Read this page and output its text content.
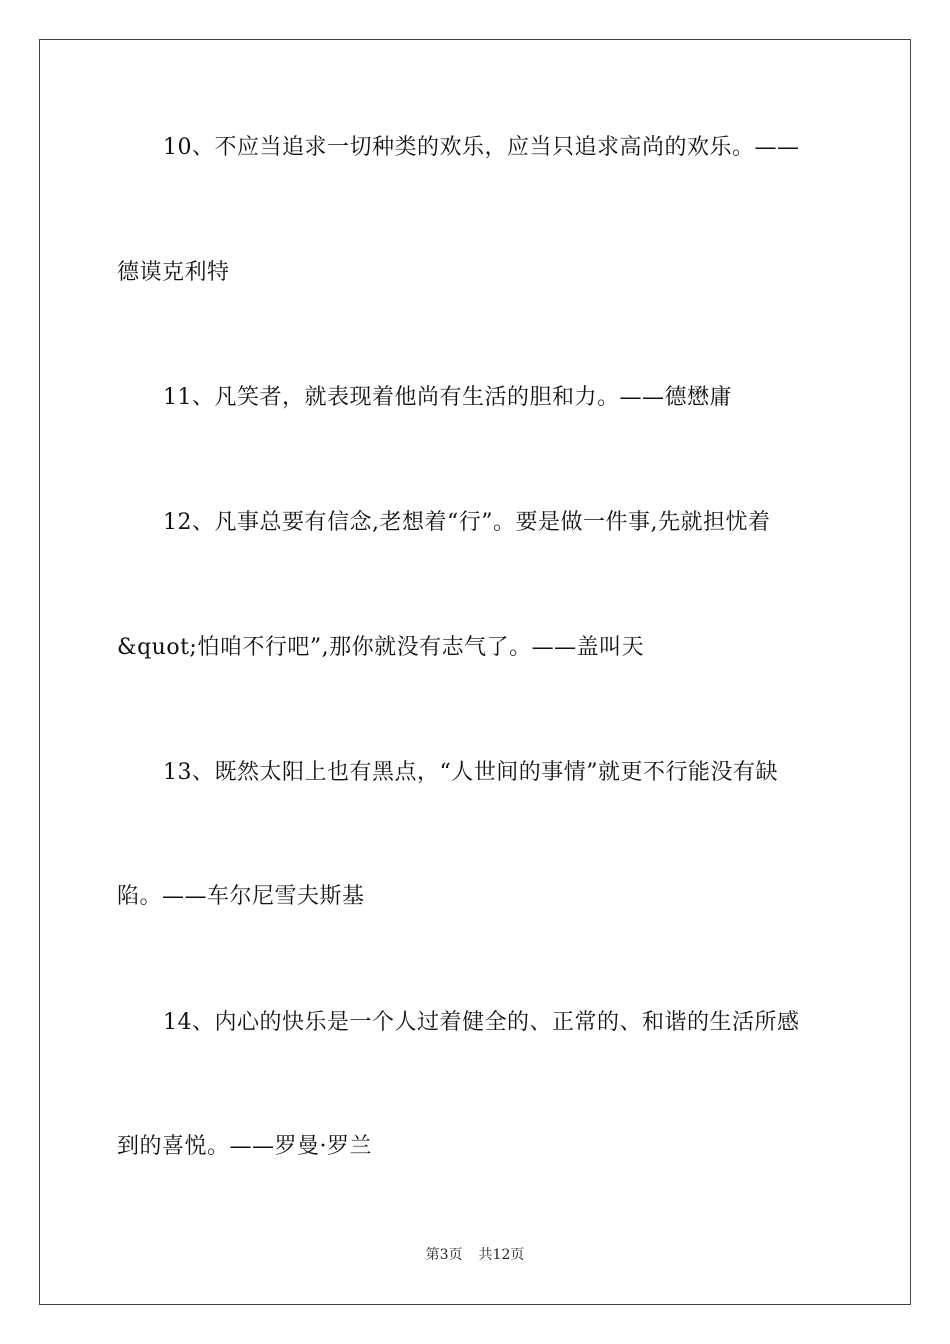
10、不应当追求一切种类的欢乐，应当只追求高尚的欢乐。——
德谟克利特
11、凡笑者，就表现着他尚有生活的胆和力。——德懋庸
12、凡事总要有信念,老想着“行”。要是做一件事,先就担忧着
&quot;怕咱不行吧”,那你就没有志气了。——盖叫天
13、既然太阳上也有黑点，“人世间的事情”就更不行能没有缺
陷。——车尔尼雪夫斯基
14、内心的快乐是一个人过着健全的、正常的、和谐的生活所感
到的喜悦。——罗曼·罗兰
第3页 共12页
